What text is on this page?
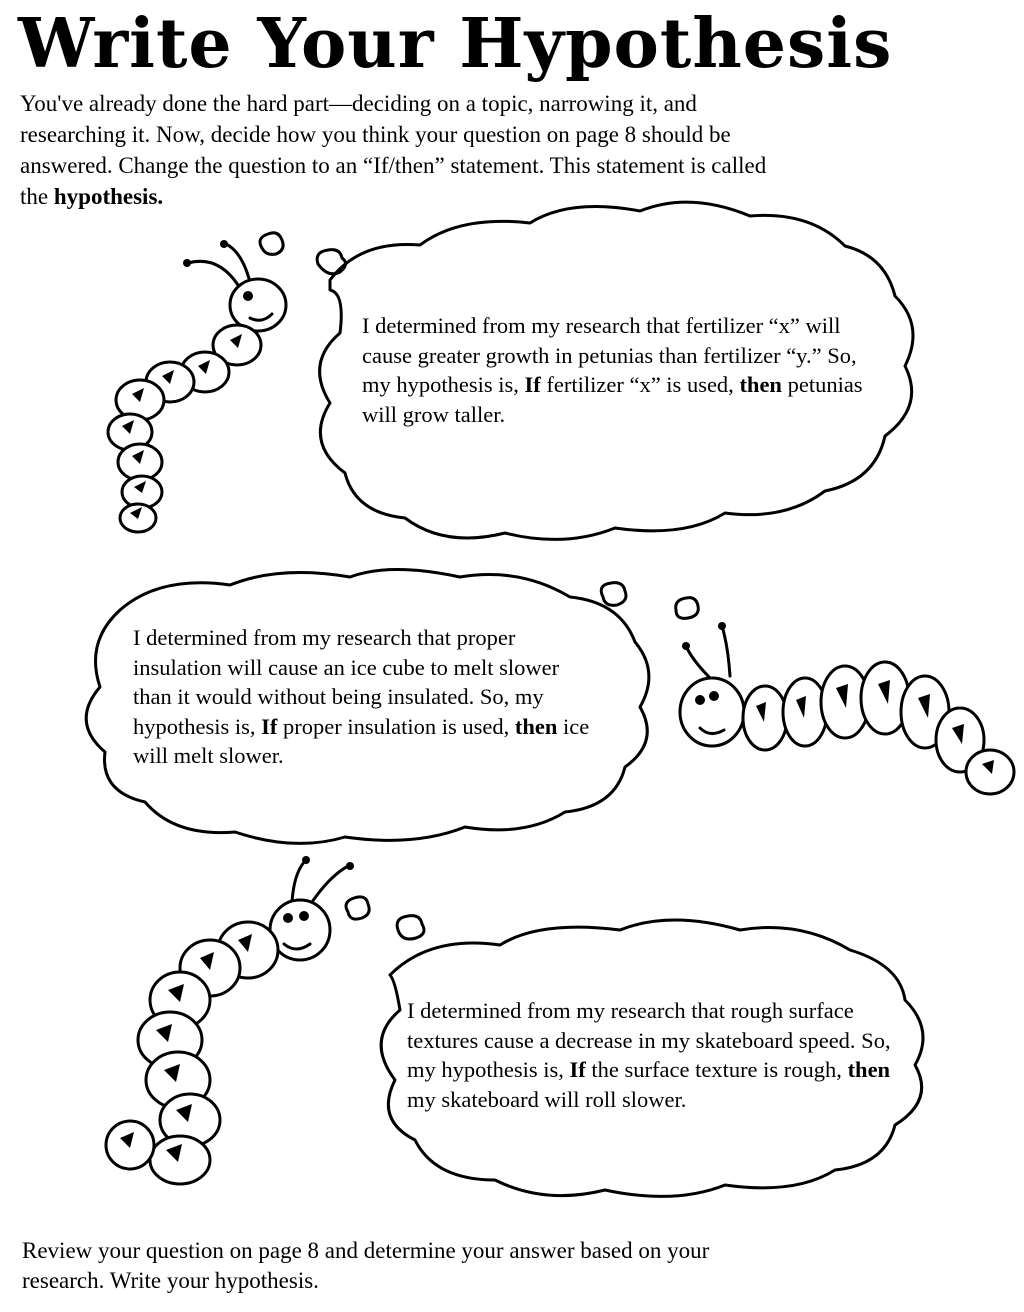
Write Your Hypothesis

You've already done the hard part—deciding on a topic, narrowing it, and researching it. Now, decide how you think your question on page 8 should be answered. Change the question to an “If/then” statement. This statement is called the hypothesis.

I determined from my research that fertilizer “x” will cause greater growth in petunias than fertilizer “y.” So, my hypothesis is, If fertilizer “x” is used, then petunias will grow taller.

I determined from my research that proper insulation will cause an ice cube to melt slower than it would without being insulated. So, my hypothesis is, If proper insulation is used, then ice will melt slower.

I determined from my research that rough surface textures cause a decrease in my skateboard speed. So, my hypothesis is, If the surface texture is rough, then my skateboard will roll slower.

Review your question on page 8 and determine your answer based on your research. Write your hypothesis.
